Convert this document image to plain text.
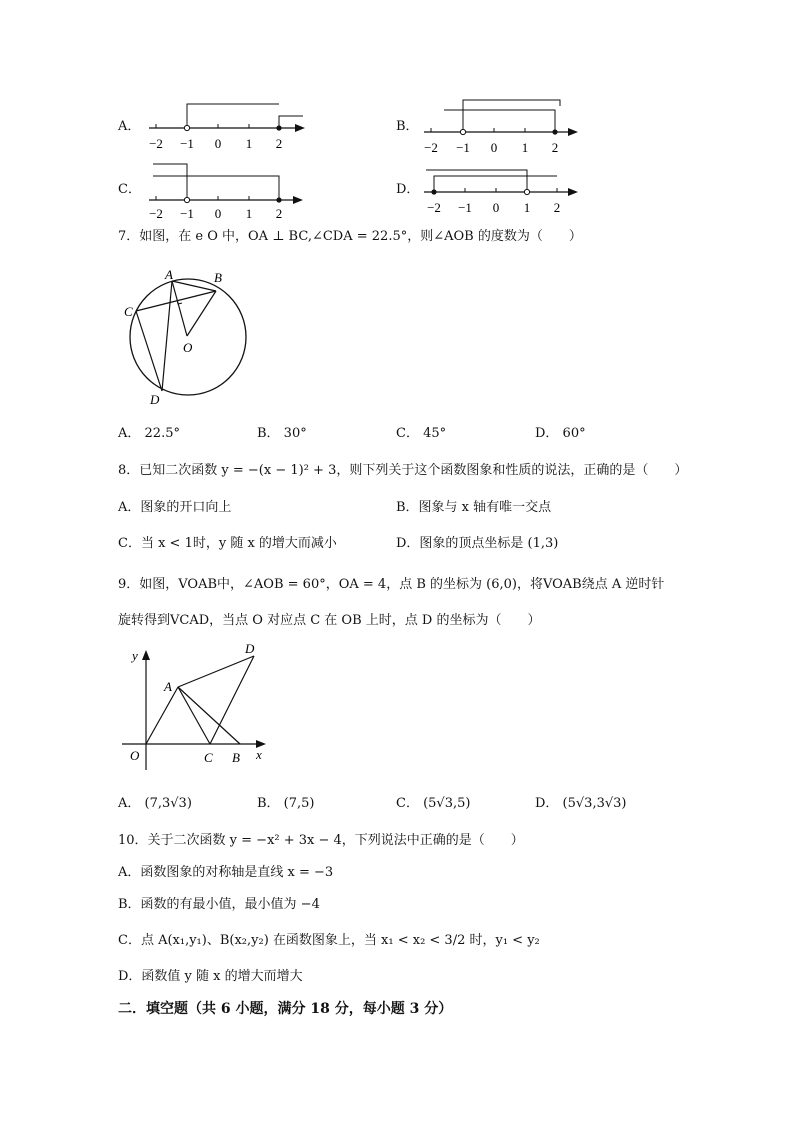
A．
−2 −1 0 1 2
B．
−2 −1 0 1 2
C．
−2 −1 0 1 2
D．
−2 −1 0 1 2
7．如图，在 e O 中，OA ⊥ BC,∠CDA = 22.5°，则∠AOB 的度数为（　　）
A	B
C
O
D
A． 22.5°	B． 30°	C． 45°	D． 60°
8．已知二次函数 y = −(x − 1)² + 3，则下列关于这个函数图象和性质的说法，正确的是（　　）
A．图象的开口向上	B．图象与 x 轴有唯一交点
C．当 x < 1时，y 随 x 的增大而减小	D．图象的顶点坐标是 (1,3)
9．如图，VOAB中，∠AOB = 60°，OA = 4，点 B 的坐标为 (6,0)，将VOAB绕点 A 逆时针
旋转得到VCAD，当点 O 对应点 C 在 OB 上时，点 D 的坐标为（　　）
y
x
O
A
C B
D
A． (7,3√3)	B． (7,5)	C． (5√3,5)	D． (5√3,3√3)
10．关于二次函数 y = −x² + 3x − 4，下列说法中正确的是（　　）
A．函数图象的对称轴是直线 x = −3
B．函数的有最小值，最小值为 −4
C．点 A(x₁,y₁)、B(x₂,y₂) 在函数图象上，当 x₁ < x₂ < 3/2 时，y₁ < y₂
D．函数值 y 随 x 的增大而增大
二．填空题（共 6 小题，满分 18 分，每小题 3 分）
